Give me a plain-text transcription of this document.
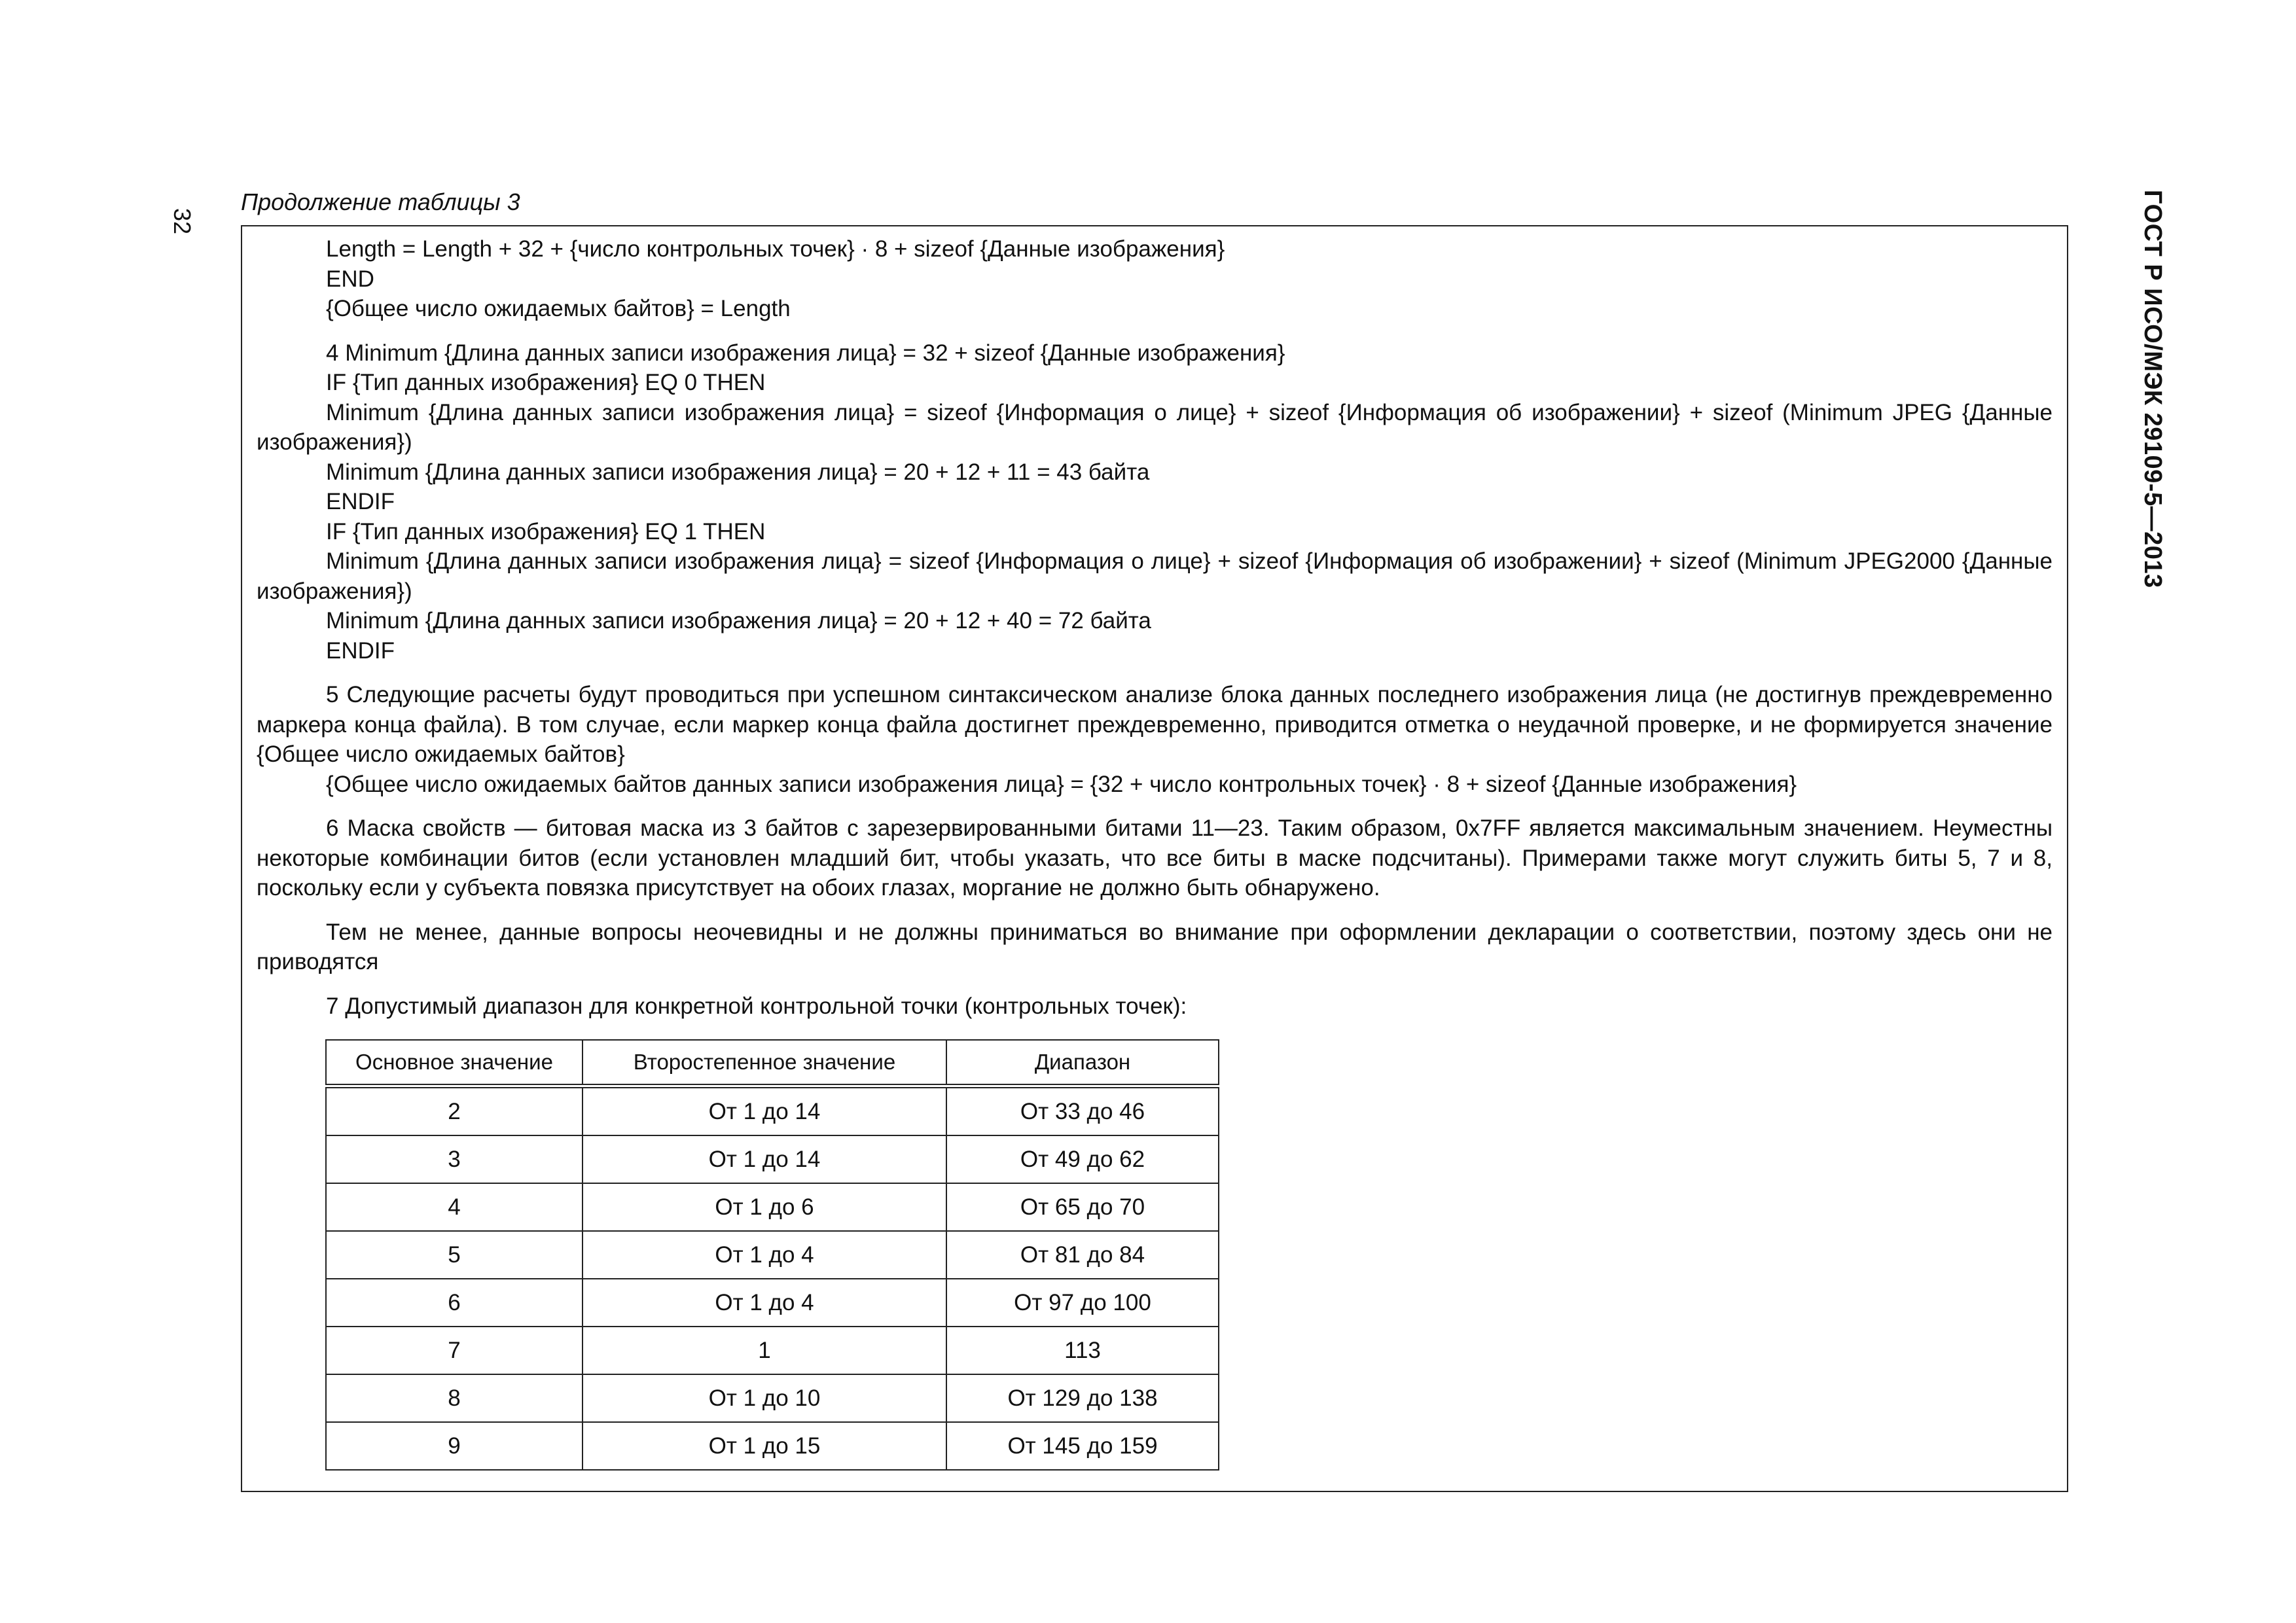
32	ГОСТ Р ИСО/МЭК 29109-5—2013
Продолжение таблицы 3

Length = Length + 32 + {число контрольных точек} · 8 + sizeof {Данные изображения}

END

{Общее число ожидаемых байтов} = Length

4 Minimum {Длина данных записи изображения лица} = 32 + sizeof {Данные изображения}

IF {Тип данных изображения} EQ 0 THEN

Minimum {Длина данных записи изображения лица} = sizeof {Информация о лице} + sizeof {Информация об изображении} + sizeof (Minimum JPEG {Данные изображения})

Minimum {Длина данных записи изображения лица} = 20 + 12 + 11 = 43 байта

ENDIF

IF {Тип данных изображения} EQ 1 THEN

Minimum {Длина данных записи изображения лица} = sizeof {Информация о лице} + sizeof {Информация об изображении} + sizeof (Minimum JPEG2000 {Данные изображения})

Minimum {Длина данных записи изображения лица} = 20 + 12 + 40 = 72 байта

ENDIF

5 Следующие расчеты будут проводиться при успешном синтаксическом анализе блока данных последнего изображения лица (не достигнув преждевременно маркера конца файла). В том случае, если маркер конца файла достигнет преждевременно, приводится отметка о неудачной проверке, и не формируется значение {Общее число ожидаемых байтов}

{Общее число ожидаемых байтов данных записи изображения лица} = {32 + число контрольных точек} · 8 + sizeof {Данные изображения}

6 Маска свойств — битовая маска из 3 байтов с зарезервированными битами 11—23. Таким образом, 0x7FF является максимальным значением. Неуместны некоторые комбинации битов (если установлен младший бит, чтобы указать, что все биты в маске подсчитаны). Примерами также могут служить биты 5, 7 и 8, поскольку если у субъекта повязка присутствует на обоих глазах, моргание не должно быть обнаружено.

Тем не менее, данные вопросы неочевидны и не должны приниматься во внимание при оформлении декларации о соответствии, поэтому здесь они не приводятся

7 Допустимый диапазон для конкретной контрольной точки (контрольных точек):

Основное значение	Второстепенное значение	Диапазон
2	От 1 до 14	От 33 до 46
3	От 1 до 14	От 49 до 62
4	От 1 до 6	От 65 до 70
5	От 1 до 4	От 81 до 84
6	От 1 до 4	От 97 до 100
7	1	113
8	От 1 до 10	От 129 до 138
9	От 1 до 15	От 145 до 159
